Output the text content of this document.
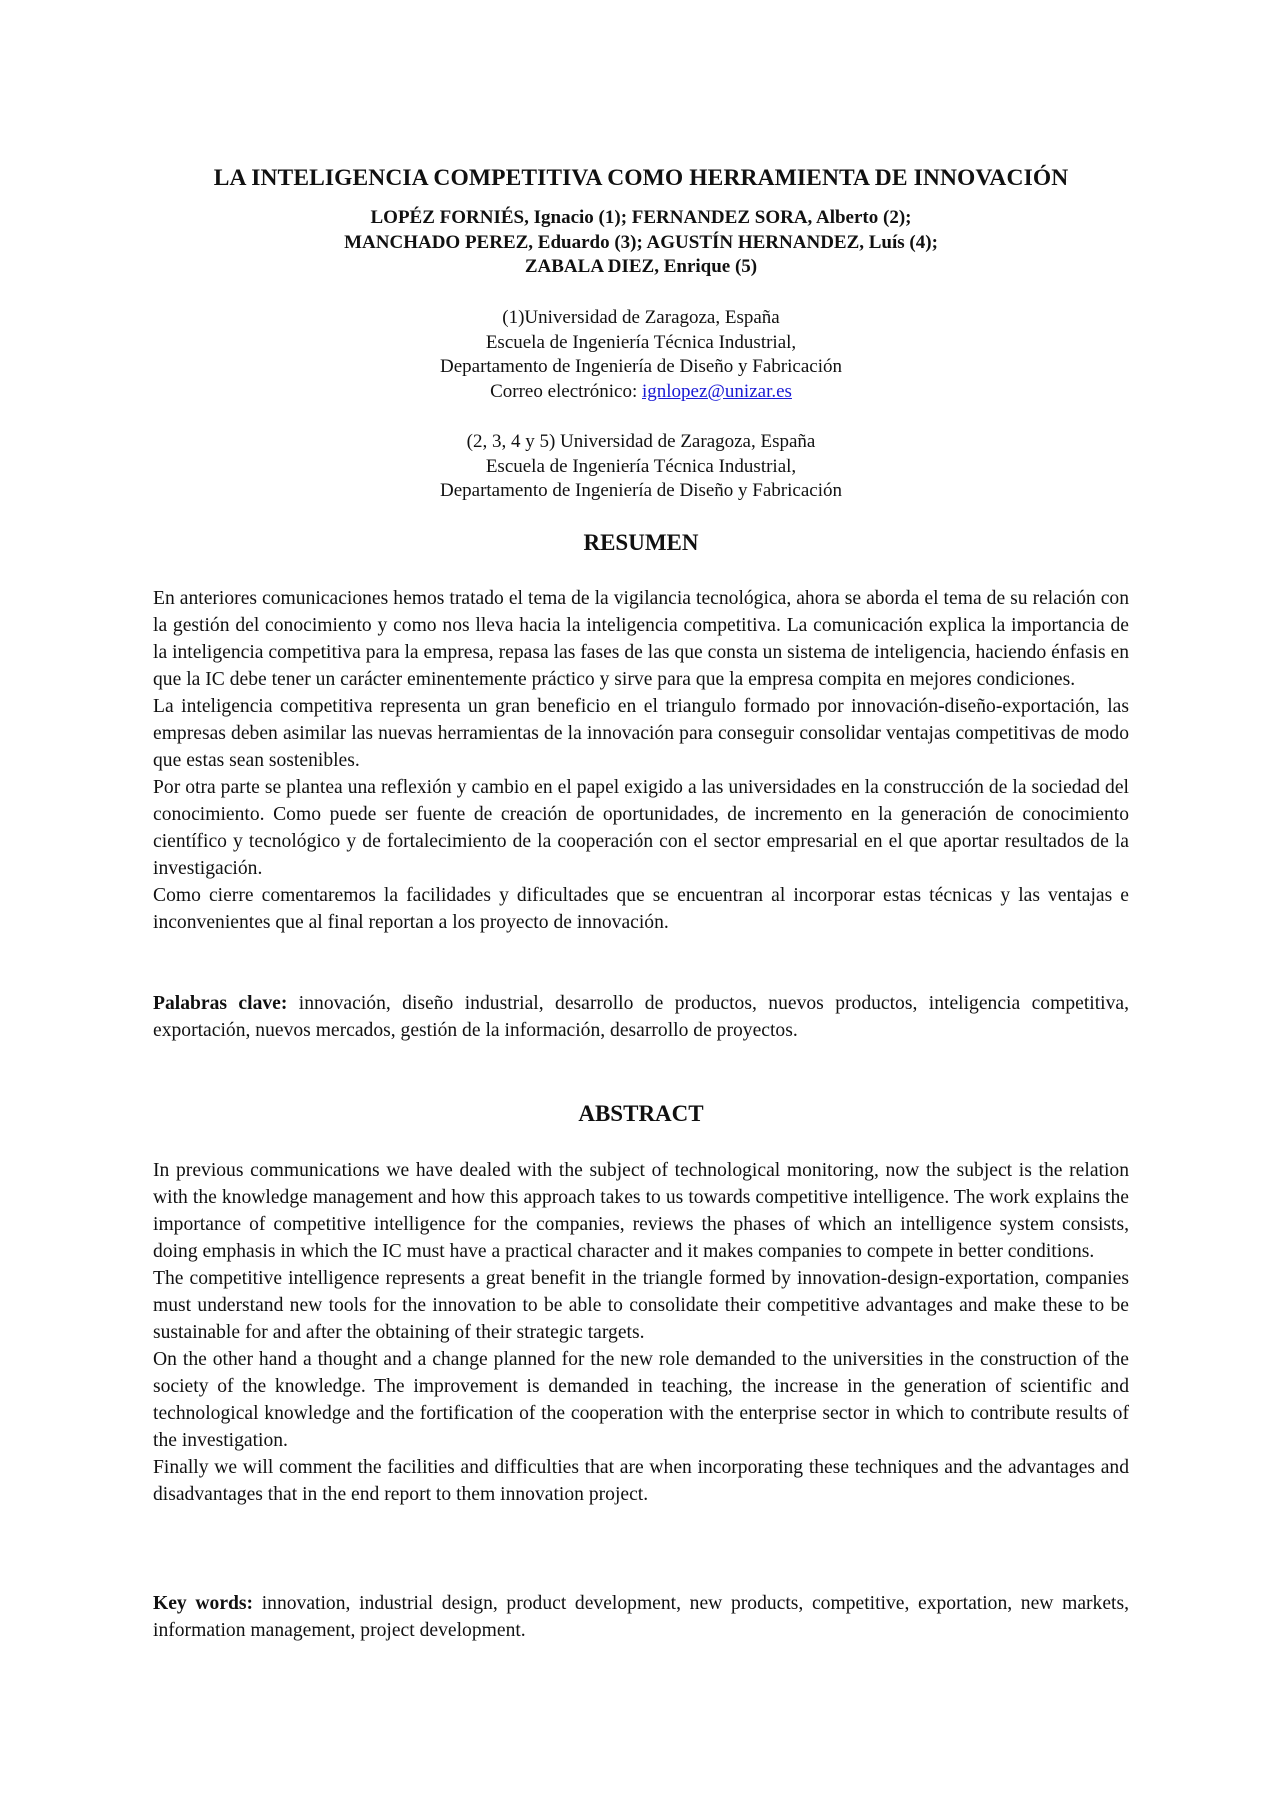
LA INTELIGENCIA COMPETITIVA COMO HERRAMIENTA DE INNOVACIÓN
LOPÉZ FORNIÉS, Ignacio (1); FERNANDEZ SORA, Alberto (2);
MANCHADO PEREZ, Eduardo (3); AGUSTÍN HERNANDEZ, Luís (4);
ZABALA DIEZ, Enrique (5)
(1)Universidad de Zaragoza, España
Escuela de Ingeniería Técnica Industrial,
Departamento de Ingeniería de Diseño y Fabricación
Correo electrónico: ignlopez@unizar.es
(2, 3, 4 y 5) Universidad de Zaragoza, España
Escuela de Ingeniería Técnica Industrial,
Departamento de Ingeniería de Diseño y Fabricación
RESUMEN

En anteriores comunicaciones hemos tratado el tema de la vigilancia tecnológica, ahora se aborda el tema de su relación con la gestión del conocimiento y como nos lleva hacia la inteligencia competitiva. La comunicación explica la importancia de la inteligencia competitiva para la empresa, repasa las fases de las que consta un sistema de inteligencia, haciendo énfasis en que la IC debe tener un carácter eminentemente práctico y sirve para que la empresa compita en mejores condiciones.

La inteligencia competitiva representa un gran beneficio en el triangulo formado por innovación-diseño-exportación, las empresas deben asimilar las nuevas herramientas de la innovación para conseguir consolidar ventajas competitivas de modo que estas sean sostenibles.

Por otra parte se plantea una reflexión y cambio en el papel exigido a las universidades en la construcción de la sociedad del conocimiento. Como puede ser fuente de creación de oportunidades, de incremento en la generación de conocimiento científico y tecnológico y de fortalecimiento de la cooperación con el sector empresarial en el que aportar resultados de la investigación.

Como cierre comentaremos la facilidades y dificultades que se encuentran al incorporar estas técnicas y las ventajas e inconvenientes que al final reportan a los proyecto de innovación.

Palabras clave: innovación, diseño industrial, desarrollo de productos, nuevos productos, inteligencia competitiva, exportación, nuevos mercados, gestión de la información, desarrollo de proyectos.
ABSTRACT

In previous communications we have dealed with the subject of technological monitoring, now the subject is the relation with the knowledge management and how this approach takes to us towards competitive intelligence. The work explains the importance of competitive intelligence for the companies, reviews the phases of which an intelligence system consists, doing emphasis in which the IC must have a practical character and it makes companies to compete in better conditions.

The competitive intelligence represents a great benefit in the triangle formed by innovation-design-exportation, companies must understand new tools for the innovation to be able to consolidate their competitive advantages and make these to be sustainable for and after the obtaining of their strategic targets.

On the other hand a thought and a change planned for the new role demanded to the universities in the construction of the society of the knowledge. The improvement is demanded in teaching, the increase in the generation of scientific and technological knowledge and the fortification of the cooperation with the enterprise sector in which to contribute results of the investigation.

Finally we will comment the facilities and difficulties that are when incorporating these techniques and the advantages and disadvantages that in the end report to them innovation project.

Key words: innovation, industrial design, product development, new products, competitive, exportation, new markets, information management, project development.
